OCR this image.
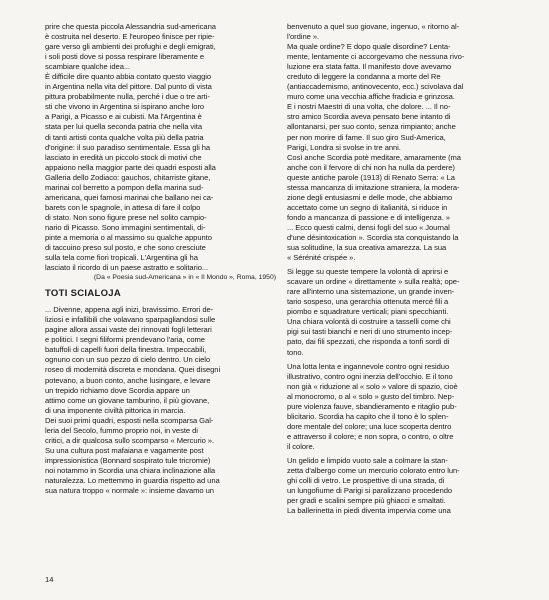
prire che questa piccola Alessandria sud-americana
è costruita nel deserto. E l'europeo finisce per ripie-
gare verso gli ambienti dei profughi e degli emigrati,
i soli posti dove si possa respirare liberamente e
scambiare qualche idea...
È difficile dire quanto abbia contato questo viaggio
in Argentina nella vita del pittore. Dal punto di vista
pittura probabilmente nulla, perché i due o tre arti-
sti che vivono in Argentina si ispirano anche loro
a Parigi, a Picasso e ai cubisti. Ma l'Argentina è
stata per lui quella seconda patria che nella vita
di tanti artisti conta qualche volta più della patria
d'origine: il suo paradiso sentimentale. Essa gli ha
lasciato in eredità un piccolo stock di motivi che
appaiono nella maggior parte dei quadri esposti alla
Galleria dello Zodiaco: gauchos, chitarriste gitane,
marinai col berretto a pompon della marina sud-
americana, quei famosi marinai che ballano nei ca-
barets con le spagnole, in attesa di fare il colpo
di stato. Non sono figure prese nel solito campio-
nario di Picasso. Sono immagini sentimentali, di-
pinte a memoria o al massimo su qualche appunto
di taccuino preso sul posto, e che sono cresciute
sulla tela come fiori tropicali. L'Argentina gli ha
lasciato il ricordo di un paese astratto e solitario...
(Da « Poesia sud-Americana » in « Il Mondo », Roma, 1950)
TOTI SCIALOJA
... Divenne, appena agli inizi, bravissimo. Errori de-
liziosi e infallibili che volavano sparpagliandosi sulle
pagine allora assai vaste dei rinnovati fogli letterari
e politici. I segni filiformi prendevano l'aria, come
batuffoli di capelli fuori della finestra. Impeccabili,
ognuno con un suo pezzo di cielo dentro. Un cielo
roseo di modernità discreta e mondana. Quei disegni
potevano, a buon conto, anche lusingare, e levare
un trepido richiamo dove Scordia appare un
attimo come un giovane tamburino, il più giovane,
di una imponente civiltà pittorica in marcia.
Dei suoi primi quadri, esposti nella scomparsa Gal-
leria del Secolo, fummo proprio noi, in veste di
critici, a dir qualcosa sullo scomparso « Mercurio ».
Su una cultura post mafaiana e vagamente post
impressionistica (Bonnard sospirato tule tricromie)
noi notammo in Scordia una chiara inclinazione alla
naturalezza. Lo mettemmo in guardia rispetto ad una
sua natura troppo « normale »: insieme davamo un
benvenuto a quel suo giovane, ingenuo, « ritorno al-
l'ordine ».
Ma quale ordine? E dopo quale disordine? Lenta-
mente, lentamente ci accorgevamo che nessuna rivo-
luzione era stata fatta. Il manifesto dove avevamo
creduto di leggere la condanna a morte del Re
(antiaccademismo, antinovecento, ecc.) scivolava dal
muro come una vecchia affiche fradicia e grinzosa.
E i nostri Maestri di una volta, che dolore. ... Il no-
stro amico Scordia aveva pensato bene intanto di
allontanarsi, per suo conto, senza rimpianto; anche
per non morire di fame. Il suo giro Sud-America,
Parigi, Londra si svolse in tre anni.
Così anche Scordia potè meditare, amaramente (ma
anche con il fervore di chi non ha nulla da perdere)
queste antiche parole (1913) di Renato Serra: « La
stessa mancanza di imitazione straniera, la modera-
zione degli entusiasmi e delle mode, che abbiamo
accettato come un segno di italianità, si riduce in
fondo a mancanza di passione e di intelligenza. »
... Ecco questi calmi, densi fogli del suo « Journal
d'une désintoxication ». Scordia sta conquistando la
sua solitudine, la sua creativa amarezza. La sua
« Sérénité crispée ».
Si legge su queste tempere la volontà di aprirsi e
scavare un ordine « direttamente » sulla realtà; ope-
rare all'interno una sistemazione, un grande inven-
tario sospeso, una gerarchia ottenuta mercé fili a
piombo e squadrature verticali; piani specchianti.
Una chiara volontà di costruire a tasselli come chi
pigi sui tasti bianchi e neri di uno strumento incep-
pato, dai fili spezzati, che risponda a tonfi sordi di
tono.
Una lotta lenta e ingannevole contro ogni residuo
illustrativo, contro ogni inerzia dell'occhio. E il tono
non già « riduzione al « solo » valore di spazio, cioè
al monocromo, o al « solo » gusto del timbro. Nep-
pure violenza fauve, sbandieramento e ritaglio pub-
blicitario. Scordia ha capito che il tono è lo splen-
dore mentale del colore; una luce scoperta dentro
e attraverso il colore; e non sopra, o contro, o oltre
il colore.
Un gelido e limpido vuoto sale a colmare la stan-
zetta d'albergo come un mercurio colorato entro lun-
ghi colli di vetro. Le prospettive di una strada, di
un lungofiume di Parigi si paralizzano procedendo
per gradi e scalini sempre più ghiacci e smaltati.
La ballerinetta in piedi diventa impervia come una
14
